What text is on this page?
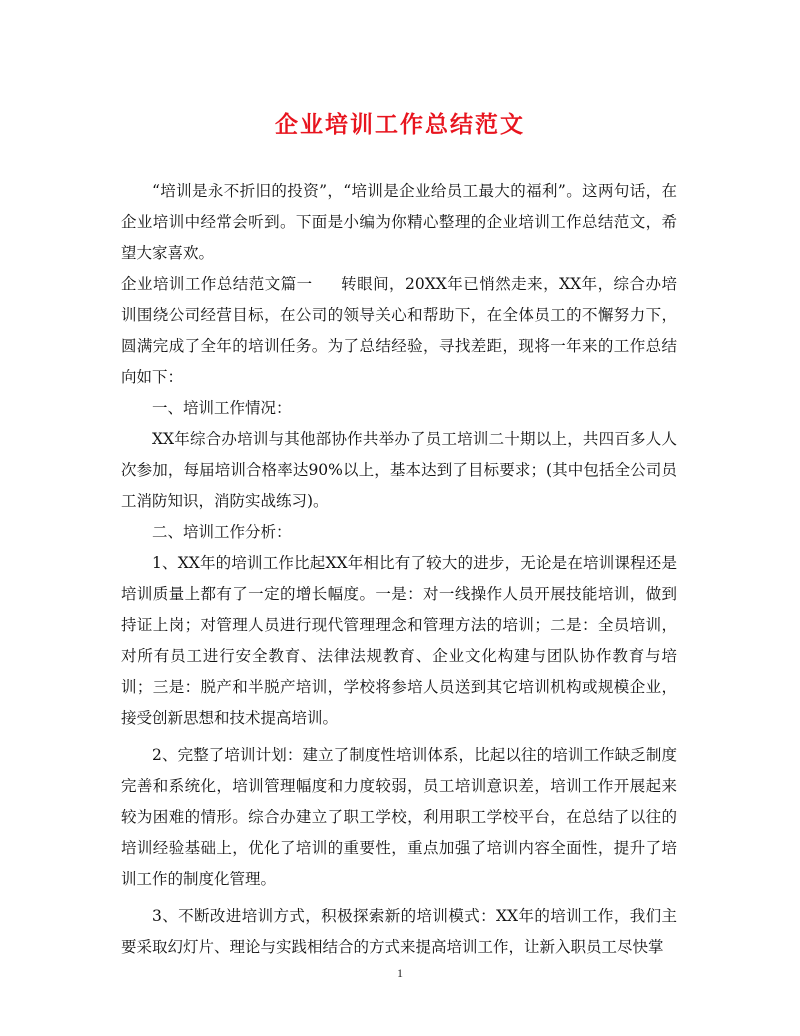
企业培训工作总结范文

“培训是永不折旧的投资”，“培训是企业给员工最大的福利”。这两句话，在企业培训中经常会听到。下面是小编为你精心整理的企业培训工作总结范文，希望大家喜欢。

企业培训工作总结范文篇一 转眼间，20XX年已悄然走来，XX年，综合办培训围绕公司经营目标，在公司的领导关心和帮助下，在全体员工的不懈努力下，圆满完成了全年的培训任务。为了总结经验，寻找差距，现将一年来的工作总结向如下：

一、培训工作情况：

XX年综合办培训与其他部协作共举办了员工培训二十期以上，共四百多人人次参加，每届培训合格率达90%以上，基本达到了目标要求；(其中包括全公司员工消防知识，消防实战练习)。

二、培训工作分析：

1、XX年的培训工作比起XX年相比有了较大的进步，无论是在培训课程还是培训质量上都有了一定的增长幅度。一是：对一线操作人员开展技能培训，做到持证上岗；对管理人员进行现代管理理念和管理方法的培训；二是：全员培训，对所有员工进行安全教育、法律法规教育、企业文化构建与团队协作教育与培训；三是：脱产和半脱产培训，学校将参培人员送到其它培训机构或规模企业，接受创新思想和技术提高培训。

2、完整了培训计划：建立了制度性培训体系，比起以往的培训工作缺乏制度完善和系统化，培训管理幅度和力度较弱，员工培训意识差，培训工作开展起来较为困难的情形。综合办建立了职工学校，利用职工学校平台，在总结了以往的培训经验基础上，优化了培训的重要性，重点加强了培训内容全面性，提升了培训工作的制度化管理。

3、不断改进培训方式，积极探索新的培训模式：XX年的培训工作，我们主要采取幻灯片、理论与实践相结合的方式来提高培训工作，让新入职员工尽快掌

1
